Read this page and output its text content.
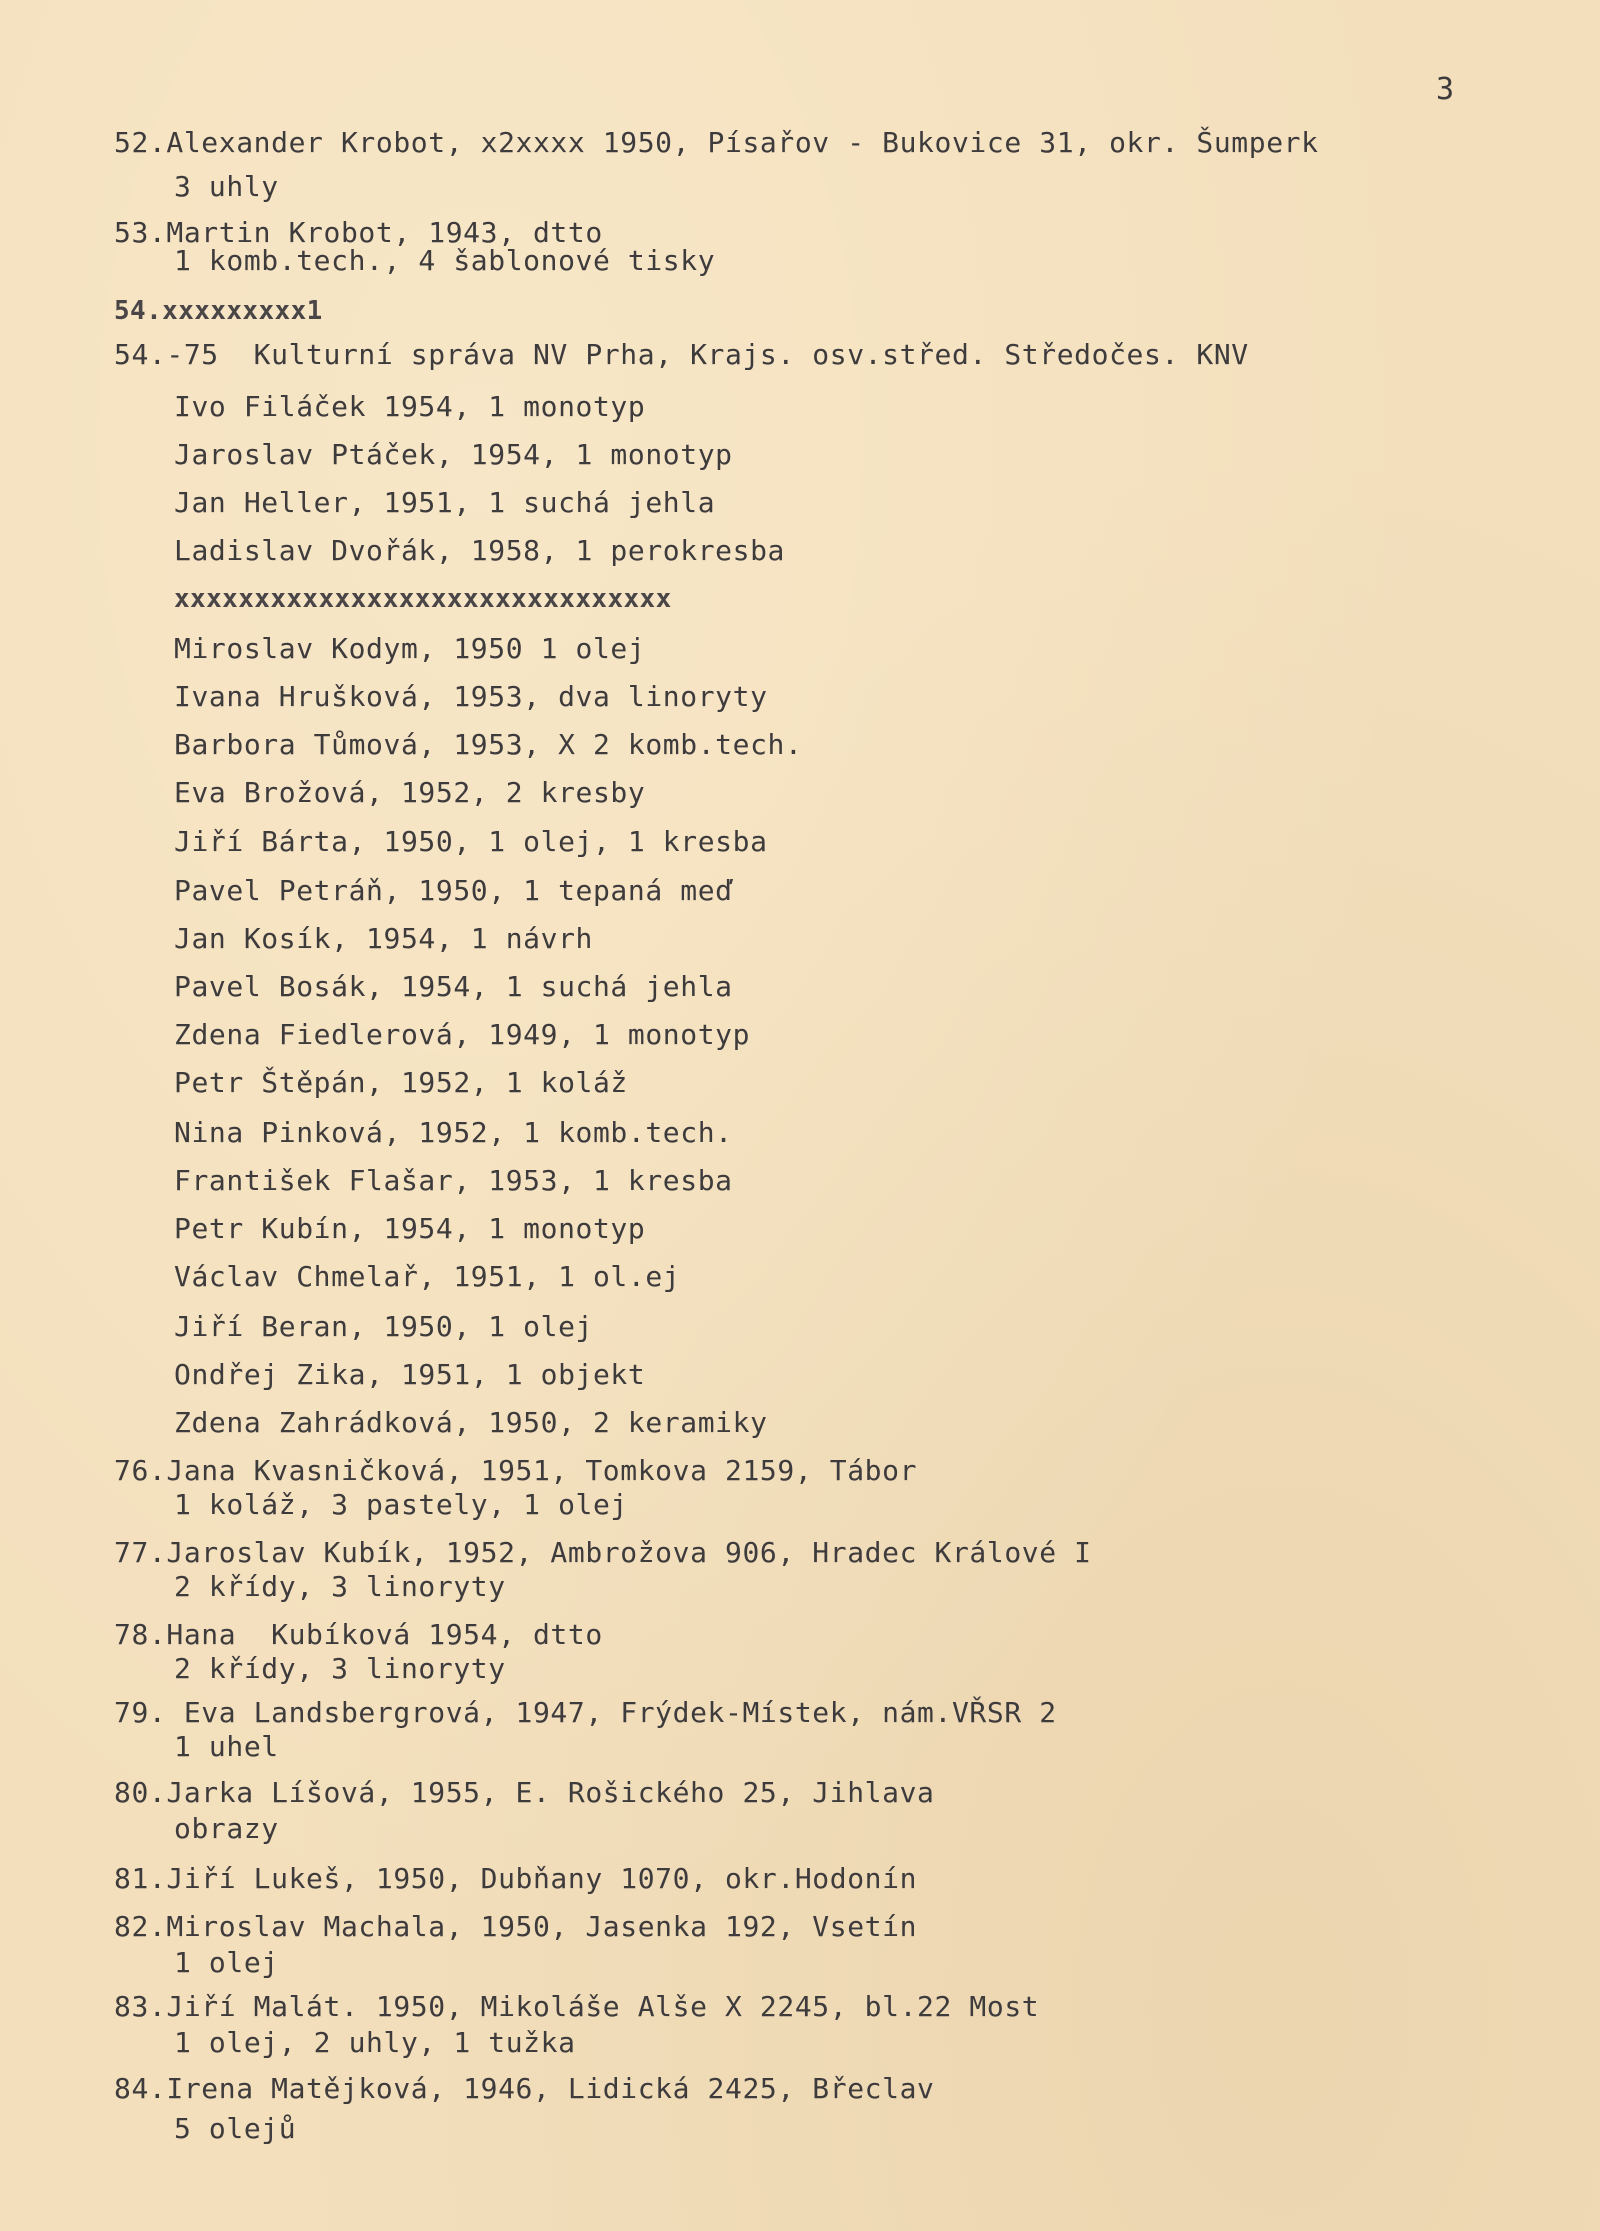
3
52.Alexander Krobot, x2xxxx 1950, Písařov - Bukovice 31, okr. Šumperk
3 uhly
53.Martin Krobot, 1943, dtto
1 komb.tech., 4 šablonové tisky
54.xxxxxxxxx1
54.-75  Kulturní správa NV Prha, Krajs. osv.střed. Středočes. KNV
Ivo Filáček 1954, 1 monotyp
Jaroslav Ptáček, 1954, 1 monotyp
Jan Heller, 1951, 1 suchá jehla
Ladislav Dvořák, 1958, 1 perokresba
xxxxxxxxxxxxxxxxxxxxxxxxxxxxxxx
Miroslav Kodym, 1950 1 olej
Ivana Hrušková, 1953, dva linoryty
Barbora Tůmová, 1953, X 2 komb.tech.
Eva Brožová, 1952, 2 kresby
Jiří Bárta, 1950, 1 olej, 1 kresba
Pavel Petráň, 1950, 1 tepaná meď
Jan Kosík, 1954, 1 návrh
Pavel Bosák, 1954, 1 suchá jehla
Zdena Fiedlerová, 1949, 1 monotyp
Petr Štěpán, 1952, 1 koláž
Nina Pinková, 1952, 1 komb.tech.
František Flašar, 1953, 1 kresba
Petr Kubín, 1954, 1 monotyp
Václav Chmelař, 1951, 1 ol.ej
Jiří Beran, 1950, 1 olej
Ondřej Zika, 1951, 1 objekt
Zdena Zahrádková, 1950, 2 keramiky
76.Jana Kvasničková, 1951, Tomkova 2159, Tábor
1 koláž, 3 pastely, 1 olej
77.Jaroslav Kubík, 1952, Ambrožova 906, Hradec Králové I
2 křídy, 3 linoryty
78.Hana  Kubíková 1954, dtto
2 křídy, 3 linoryty
79. Eva Landsbergrová, 1947, Frýdek-Místek, nám.VŘSR 2
1 uhel
80.Jarka Líšová, 1955, E. Rošického 25, Jihlava
obrazy
81.Jiří Lukeš, 1950, Dubňany 1070, okr.Hodonín
82.Miroslav Machala, 1950, Jasenka 192, Vsetín
1 olej
83.Jiří Malát. 1950, Mikoláše Alše X 2245, bl.22 Most
1 olej, 2 uhly, 1 tužka
84.Irena Matějková, 1946, Lidická 2425, Břeclav
5 olejů
